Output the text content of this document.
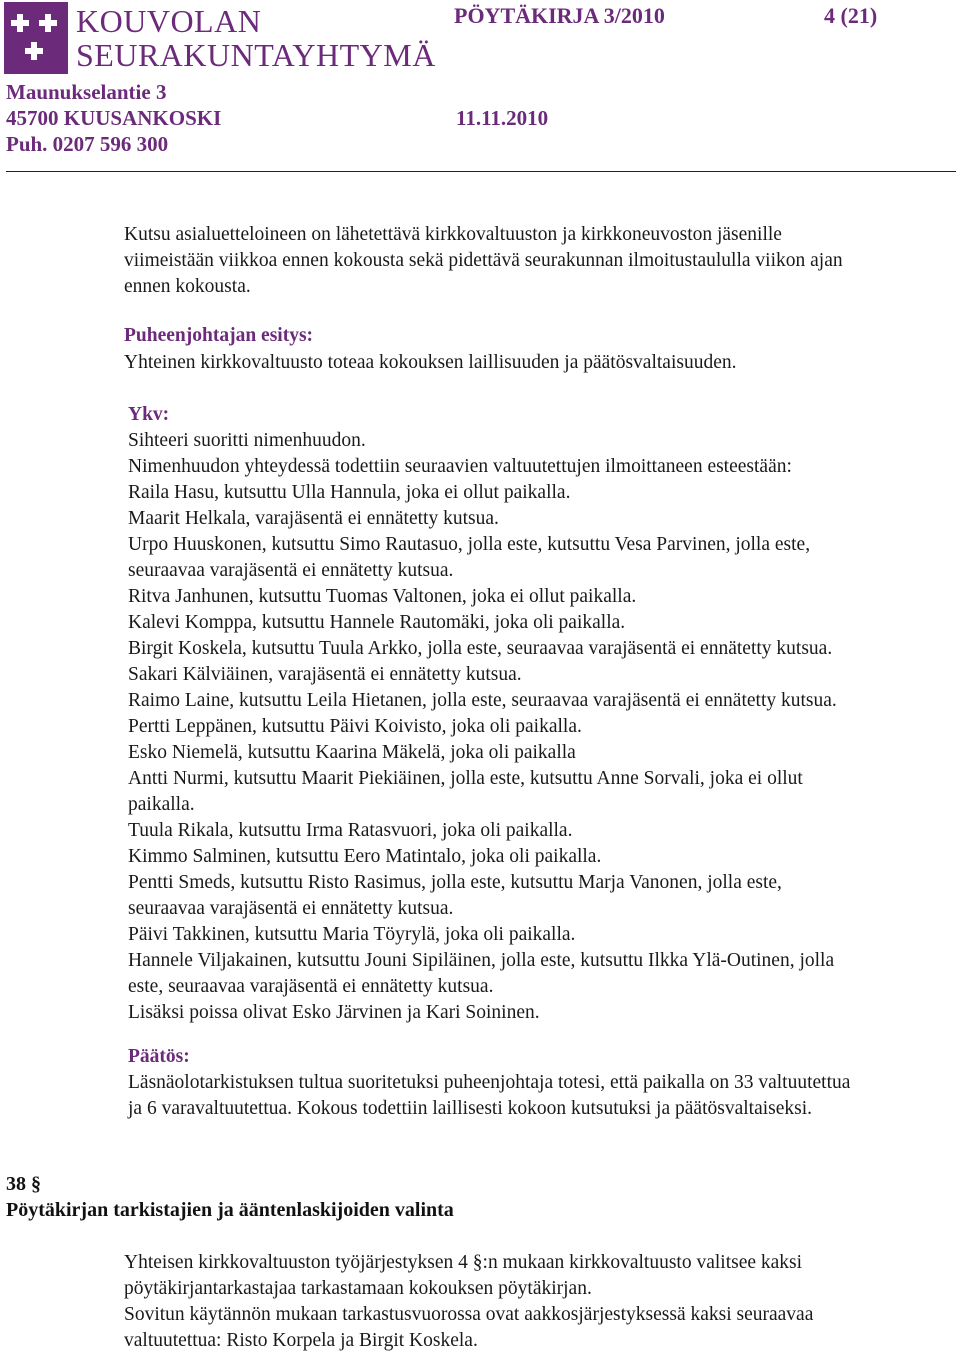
KOUVOLAN
SEURAKUNTAYHTYMÄ
PÖYTÄKIRJA 3/2010	4 (21)
Maunukselantie 3
45700 KUUSANKOSKI
Puh. 0207 596 300
11.11.2010
Kutsu asialuetteloineen on lähetettävä kirkkovaltuuston ja kirkkoneuvoston jäsenille
viimeistään viikkoa ennen kokousta sekä pidettävä seurakunnan ilmoitustaululla viikon ajan
ennen kokousta.
Puheenjohtajan esitys:
Yhteinen kirkkovaltuusto toteaa kokouksen laillisuuden ja päätösvaltaisuuden.
Ykv:
Sihteeri suoritti nimenhuudon.
Nimenhuudon yhteydessä todettiin seuraavien valtuutettujen ilmoittaneen esteestään:
Raila Hasu, kutsuttu Ulla Hannula, joka ei ollut paikalla.
Maarit Helkala, varajäsentä ei ennätetty kutsua.
Urpo Huuskonen, kutsuttu Simo Rautasuo, jolla este, kutsuttu Vesa Parvinen, jolla este,
seuraavaa varajäsentä ei ennätetty kutsua.
Ritva Janhunen, kutsuttu Tuomas Valtonen, joka ei ollut paikalla.
Kalevi Komppa, kutsuttu Hannele Rautomäki, joka oli paikalla.
Birgit Koskela, kutsuttu Tuula Arkko, jolla este, seuraavaa varajäsentä ei ennätetty kutsua.
Sakari Kälviäinen, varajäsentä ei ennätetty kutsua.
Raimo Laine, kutsuttu Leila Hietanen, jolla este, seuraavaa varajäsentä ei ennätetty kutsua.
Pertti Leppänen, kutsuttu Päivi Koivisto, joka oli paikalla.
Esko Niemelä, kutsuttu Kaarina Mäkelä, joka oli paikalla
Antti Nurmi, kutsuttu Maarit Piekiäinen, jolla este, kutsuttu Anne Sorvali, joka ei ollut
paikalla.
Tuula Rikala, kutsuttu Irma Ratasvuori, joka oli paikalla.
Kimmo Salminen, kutsuttu Eero Matintalo, joka oli paikalla.
Pentti Smeds, kutsuttu Risto Rasimus, jolla este, kutsuttu Marja Vanonen, jolla este,
seuraavaa varajäsentä ei ennätetty kutsua.
Päivi Takkinen, kutsuttu Maria Töyrylä, joka oli paikalla.
Hannele Viljakainen, kutsuttu Jouni Sipiläinen, jolla este, kutsuttu Ilkka Ylä-Outinen, jolla
este, seuraavaa varajäsentä ei ennätetty kutsua.
Lisäksi poissa olivat Esko Järvinen ja Kari Soininen.
Päätös:
Läsnäolotarkistuksen tultua suoritetuksi puheenjohtaja totesi, että paikalla on 33 valtuutettua
ja 6 varavaltuutettua. Kokous todettiin laillisesti kokoon kutsutuksi ja päätösvaltaiseksi.
38 §
Pöytäkirjan tarkistajien ja ääntenlaskijoiden valinta
Yhteisen kirkkovaltuuston työjärjestyksen 4 §:n mukaan kirkkovaltuusto valitsee kaksi
pöytäkirjantarkastajaa tarkastamaan kokouksen pöytäkirjan.
Sovitun käytännön mukaan tarkastusvuorossa ovat aakkosjärjestyksessä kaksi seuraavaa
valtuutettua: Risto Korpela ja Birgit Koskela.
